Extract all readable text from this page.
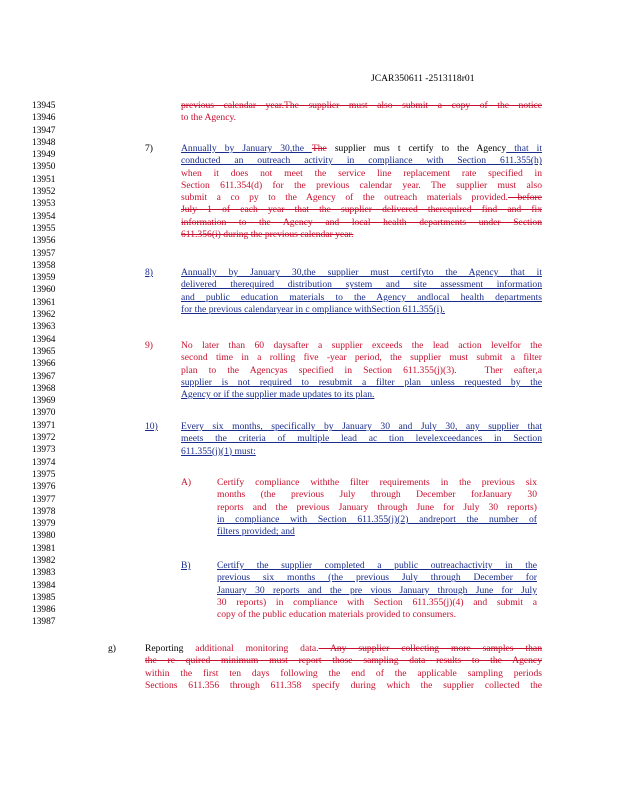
JCAR350611 -2513118r01
13945
13946
13947
13948
13949
13950
13951
13952
13953
13954
13955
13956
13957
13958
13959
13960
13961
13962
13963
13964
13965
13966
13967
13968
13969
13970
13971
13972
13973
13974
13975
13976
13977
13978
13979
13980
13981
13982
13983
13984
13985
13986
13987
previous calendar year.The supplier must also submit a copy of the notice
to the Agency.
7)	Annually by January 30,the The supplier mus t certify to the Agency that it
conducted an outreach activity in compliance with Section 611.355(h)
when it does not meet the service line replacement rate specified in
Section 611.354(d) for the previous calendar year. The supplier must also
submit a co py to the Agency of the outreach materials provided. before
July 1 of each year that the supplier delivered therequired find and fix
information to the Agency and local health departments under Section
611.356(i) during the previous calendar year.
8)	Annually by January 30,the supplier must certifyto the Agency that it
delivered therequired distribution system and site assessment information
and public education materials to the Agency andlocal health departments
for the previous calendaryear in c ompliance withSection 611.355(i).
9)	No later than 60 daysafter a supplier exceeds the lead action levelfor the
second time in a rolling five -year period, the supplier must submit a filter
plan to the Agencyas specified in Section 611.355(j)(3).	Ther eafter,a
supplier is not required to resubmit a filter plan unless requested by the
Agency or if the supplier made updates to its plan.
10) Every six months, specifically by January 30 and July 30, any supplier that
meets the criteria of multiple lead ac tion levelexceedances in Section
611.355(j)(1) must:
A)	Certify compliance withthe filter requirements in the previous six
months (the previous July through December forJanuary 30
reports and the previous January through June for July 30 reports)
in compliance with Section 611.355(j)(2) andreport the number of
filters provided; and
B)	Certify the supplier completed a public outreachactivity in the
previous six months (the previous July through December for
January 30 reports and the pre vious January through June for July
30 reports) in compliance with Section 611.355(j)(4) and submit a
copy of the public education materials provided to consumers.
g)	Reporting additional monitoring data. Any supplier collecting more samples than
the re quired minimum must report those sampling data results to the Agency
within the first ten days following the end of the applicable sampling periods
Sections 611.356 through 611.358 specify during which the supplier collected the
